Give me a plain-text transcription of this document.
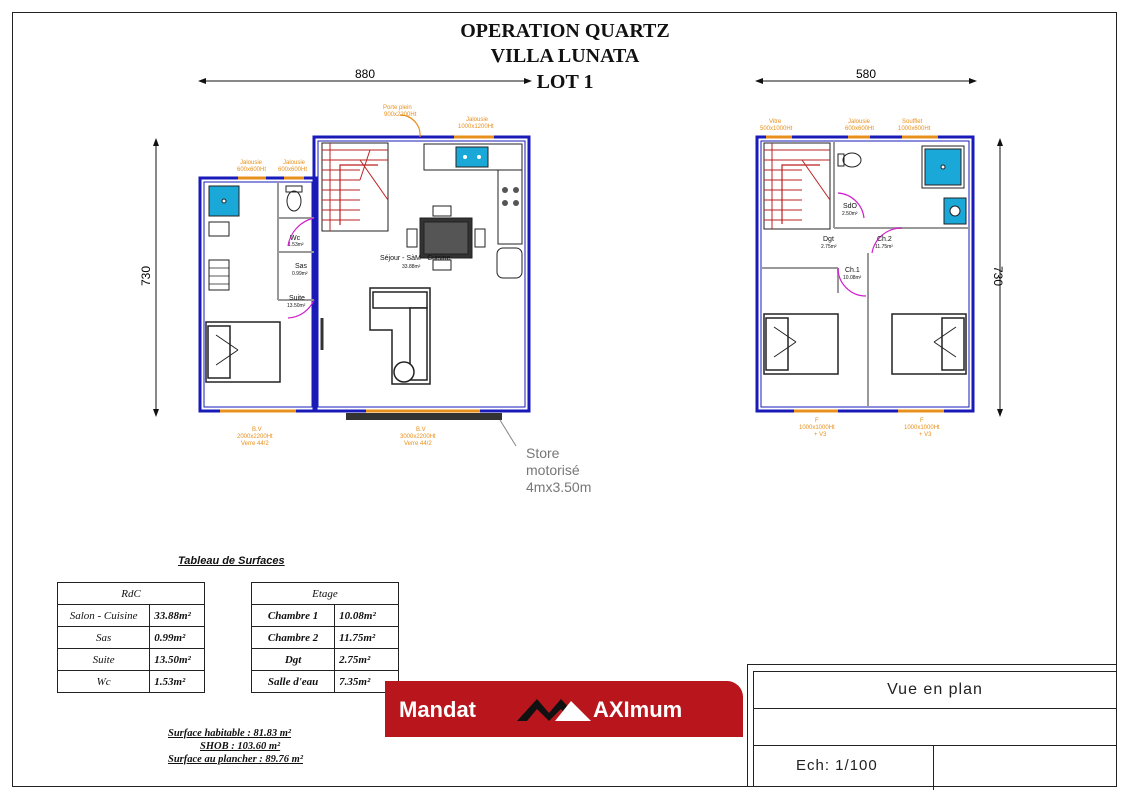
OPERATION QUARTZ
VILLA LUNATA
LOT 1
880	580
730	730
Séjour - SàM - Cuisine
33.88m²
Wc
1.53m²
Sas
0.99m²
Suite
13.50m²
Porte plein
900x2200Ht
Jalousie
1000x1200Ht
Jalousie
600x600Ht
Jalousie
600x600Ht
B.V
2000x2200Ht
Verre 44/2
B.V
3000x2200Ht
Verre 44/2
SdO
2.50m²
Dgt
2.75m²
Ch.2
11.75m²
Ch.1
10.08m²
Vitre
500x1000Ht
Jalousie
600x600Ht
Soufflet
1000x600Ht
F
1000x1000Ht
+ V3
F
1000x1000Ht
+ V3
Store
motorisé
4mx3.50m
Tableau de Surfaces
RdC	
Salon - Cuisine	33.88m²
Sas	0.99m²
Suite	13.50m²
Wc	1.53m²
Etage	
Chambre 1	10.08m²
Chambre 2	11.75m²
Dgt	2.75m²
Salle d'eau	7.35m²
Surface habitable : 81.83 m²
SHOB : 103.60 m²
Surface au plancher : 89.76 m²
Vue en plan
Ech: 1/100
Mandat	AXImum
